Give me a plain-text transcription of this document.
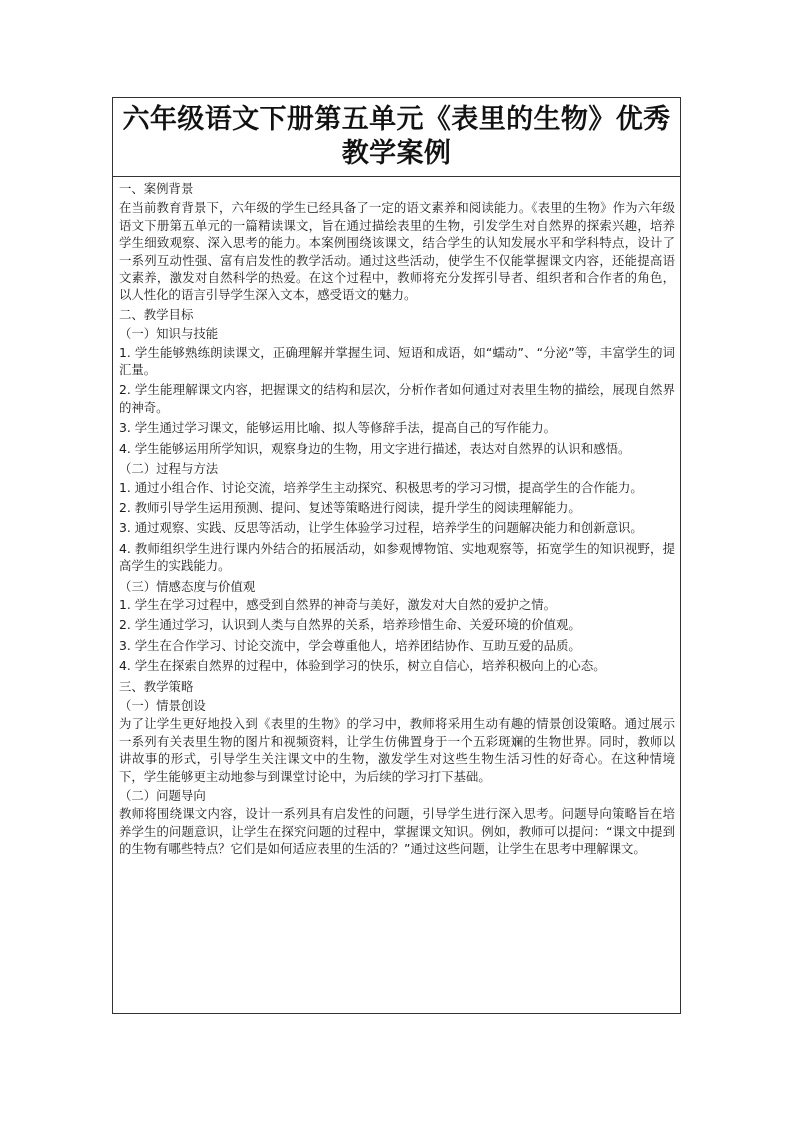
六年级语文下册第五单元《表里的生物》优秀教学案例
一、案例背景
在当前教育背景下，六年级的学生已经具备了一定的语文素养和阅读能力。《表里的生物》作为六年级语文下册第五单元的一篇精读课文，旨在通过描绘表里的生物，引发学生对自然界的探索兴趣，培养学生细致观察、深入思考的能力。本案例围绕该课文，结合学生的认知发展水平和学科特点，设计了一系列互动性强、富有启发性的教学活动。通过这些活动，使学生不仅能掌握课文内容，还能提高语文素养，激发对自然科学的热爱。在这个过程中，教师将充分发挥引导者、组织者和合作者的角色，以人性化的语言引导学生深入文本，感受语文的魅力。
二、教学目标
（一）知识与技能
1. 学生能够熟练朗读课文，正确理解并掌握生词、短语和成语，如“蠕动”、“分泌”等，丰富学生的词汇量。
2. 学生能理解课文内容，把握课文的结构和层次，分析作者如何通过对表里生物的描绘，展现自然界的神奇。
3. 学生通过学习课文，能够运用比喻、拟人等修辞手法，提高自己的写作能力。
4. 学生能够运用所学知识，观察身边的生物，用文字进行描述，表达对自然界的认识和感悟。
（二）过程与方法
1. 通过小组合作、讨论交流，培养学生主动探究、积极思考的学习习惯，提高学生的合作能力。
2. 教师引导学生运用预测、提问、复述等策略进行阅读，提升学生的阅读理解能力。
3. 通过观察、实践、反思等活动，让学生体验学习过程，培养学生的问题解决能力和创新意识。
4. 教师组织学生进行课内外结合的拓展活动，如参观博物馆、实地观察等，拓宽学生的知识视野，提高学生的实践能力。
（三）情感态度与价值观
1. 学生在学习过程中，感受到自然界的神奇与美好，激发对大自然的爱护之情。
2. 学生通过学习，认识到人类与自然界的关系，培养珍惜生命、关爱环境的价值观。
3. 学生在合作学习、讨论交流中，学会尊重他人，培养团结协作、互助互爱的品质。
4. 学生在探索自然界的过程中，体验到学习的快乐，树立自信心，培养积极向上的心态。
三、教学策略
（一）情景创设
为了让学生更好地投入到《表里的生物》的学习中，教师将采用生动有趣的情景创设策略。通过展示一系列有关表里生物的图片和视频资料，让学生仿佛置身于一个五彩斑斓的生物世界。同时，教师以讲故事的形式，引导学生关注课文中的生物，激发学生对这些生物生活习性的好奇心。在这种情境下，学生能够更主动地参与到课堂讨论中，为后续的学习打下基础。
（二）问题导向
教师将围绕课文内容，设计一系列具有启发性的问题，引导学生进行深入思考。问题导向策略旨在培养学生的问题意识，让学生在探究问题的过程中，掌握课文知识。例如，教师可以提问：“课文中提到的生物有哪些特点？它们是如何适应表里的生活的？”通过这些问题，让学生在思考中理解课文。
